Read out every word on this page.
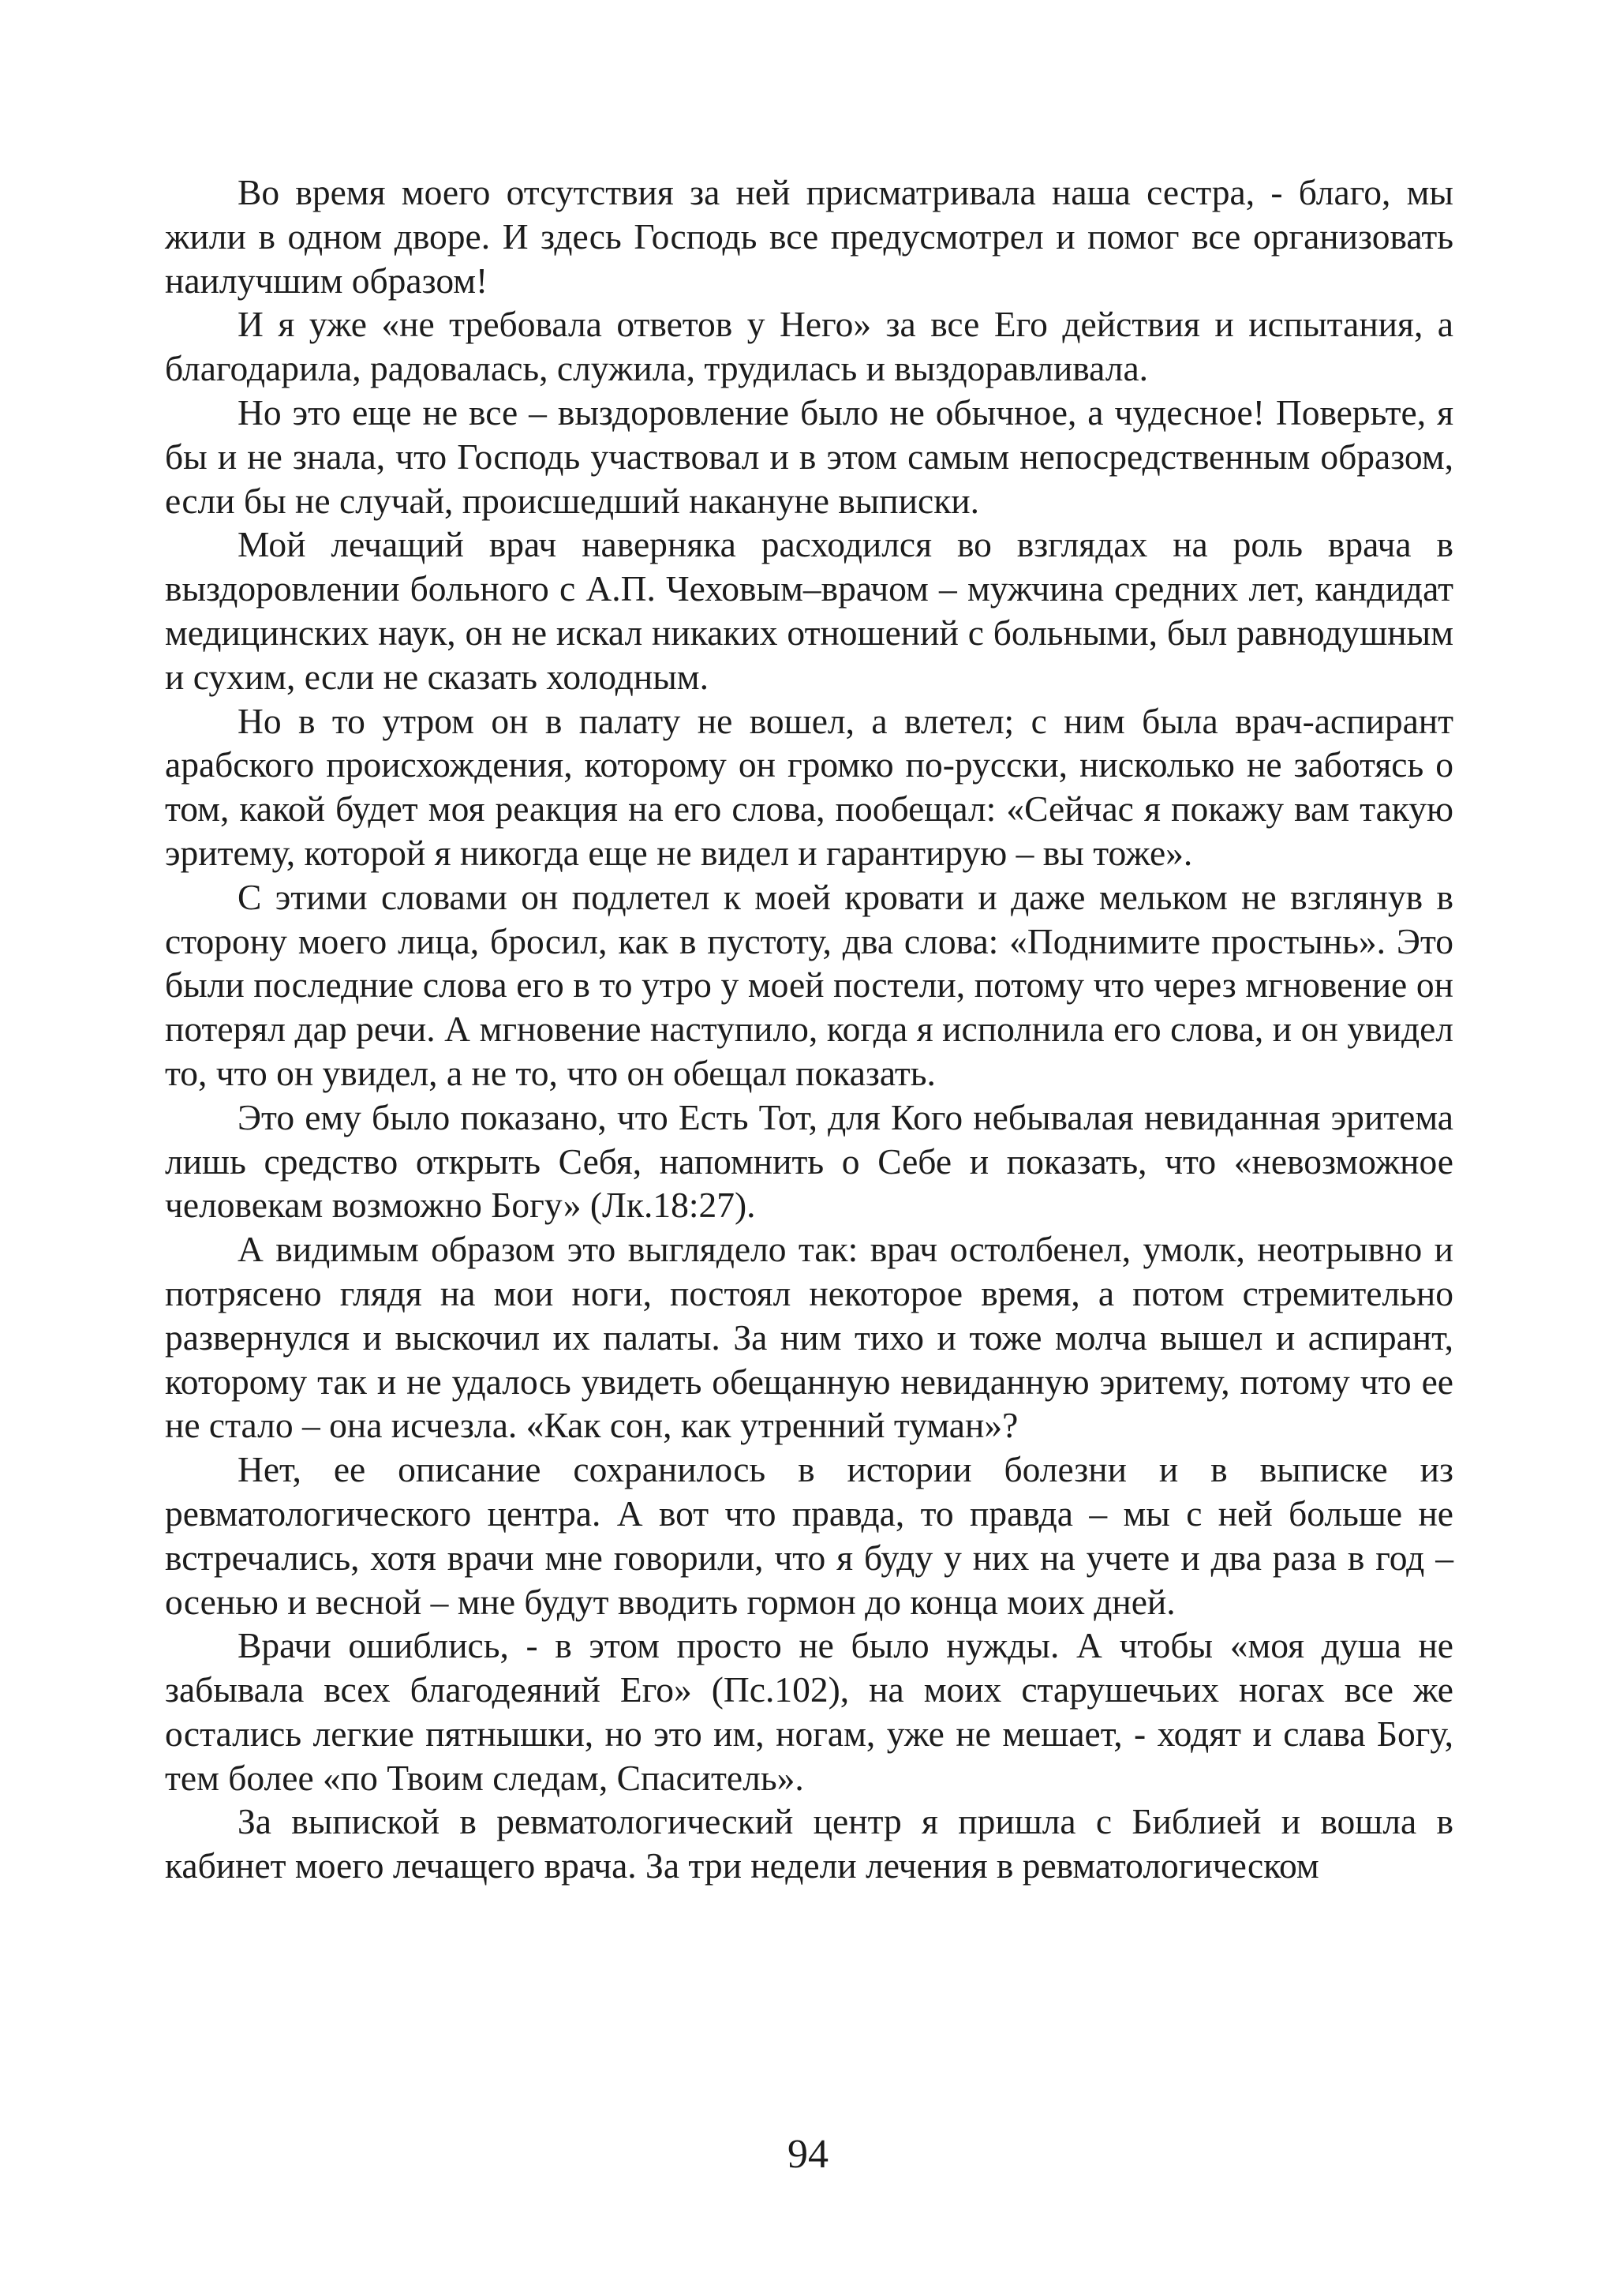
Во время моего отсутствия за ней присматривала наша сестра, - благо, мы жили в одном дворе. И здесь Господь все предусмотрел и помог все организовать наилучшим образом!

И я уже «не требовала ответов у Него» за все Его действия и испытания, а благодарила, радовалась, служила, трудилась и выздоравливала.

Но это еще не все – выздоровление было не обычное, а чудесное! Поверьте, я бы и не знала, что Господь участвовал и в этом самым непосредственным образом, если бы не случай, происшедший накануне выписки.

Мой лечащий врач наверняка расходился во взглядах на роль врача в выздоровлении больного с А.П. Чеховым–врачом – мужчина средних лет, кандидат медицинских наук, он не искал никаких отношений с больными, был равнодушным и сухим, если не сказать холодным.

Но в то утром он в палату не вошел, а влетел; с ним была врач-аспирант арабского происхождения, которому он громко по-русски, нисколько не заботясь о том, какой будет моя реакция на его слова, пообещал: «Сейчас я покажу вам такую эритему, которой я никогда еще не видел и гарантирую – вы тоже».

С этими словами он подлетел к моей кровати и даже мельком не взглянув в сторону моего лица, бросил, как в пустоту, два слова: «Поднимите простынь». Это были последние слова его в то утро у моей постели, потому что через мгновение он потерял дар речи. А мгновение наступило, когда я исполнила его слова, и он увидел то, что он увидел, а не то, что он обещал показать.

Это ему было показано, что Есть Тот, для Кого небывалая невиданная эритема лишь средство открыть Себя, напомнить о Себе и показать, что «невозможное человекам возможно Богу» (Лк.18:27).

А видимым образом это выглядело так: врач остолбенел, умолк, неотрывно и потрясено глядя на мои ноги, постоял некоторое время, а потом стремительно развернулся и выскочил их палаты. За ним тихо и тоже молча вышел и аспирант, которому так и не удалось увидеть обещанную невиданную эритему, потому что ее не стало – она исчезла. «Как сон, как утренний туман»?

Нет, ее описание сохранилось в истории болезни и в выписке из ревматологического центра. А вот что правда, то правда – мы с ней больше не встречались, хотя врачи мне говорили, что я буду у них на учете и два раза в год – осенью и весной – мне будут вводить гормон до конца моих дней.

Врачи ошиблись, - в этом просто не было нужды. А чтобы «моя душа не забывала всех благодеяний Его» (Пс.102), на моих старушечьих ногах все же остались легкие пятнышки, но это им, ногам, уже не мешает, - ходят и слава Богу, тем более «по Твоим следам, Спаситель».

За выпиской в ревматологический центр я пришла с Библией и вошла в кабинет моего лечащего врача. За три недели лечения в ревматологическом

94
